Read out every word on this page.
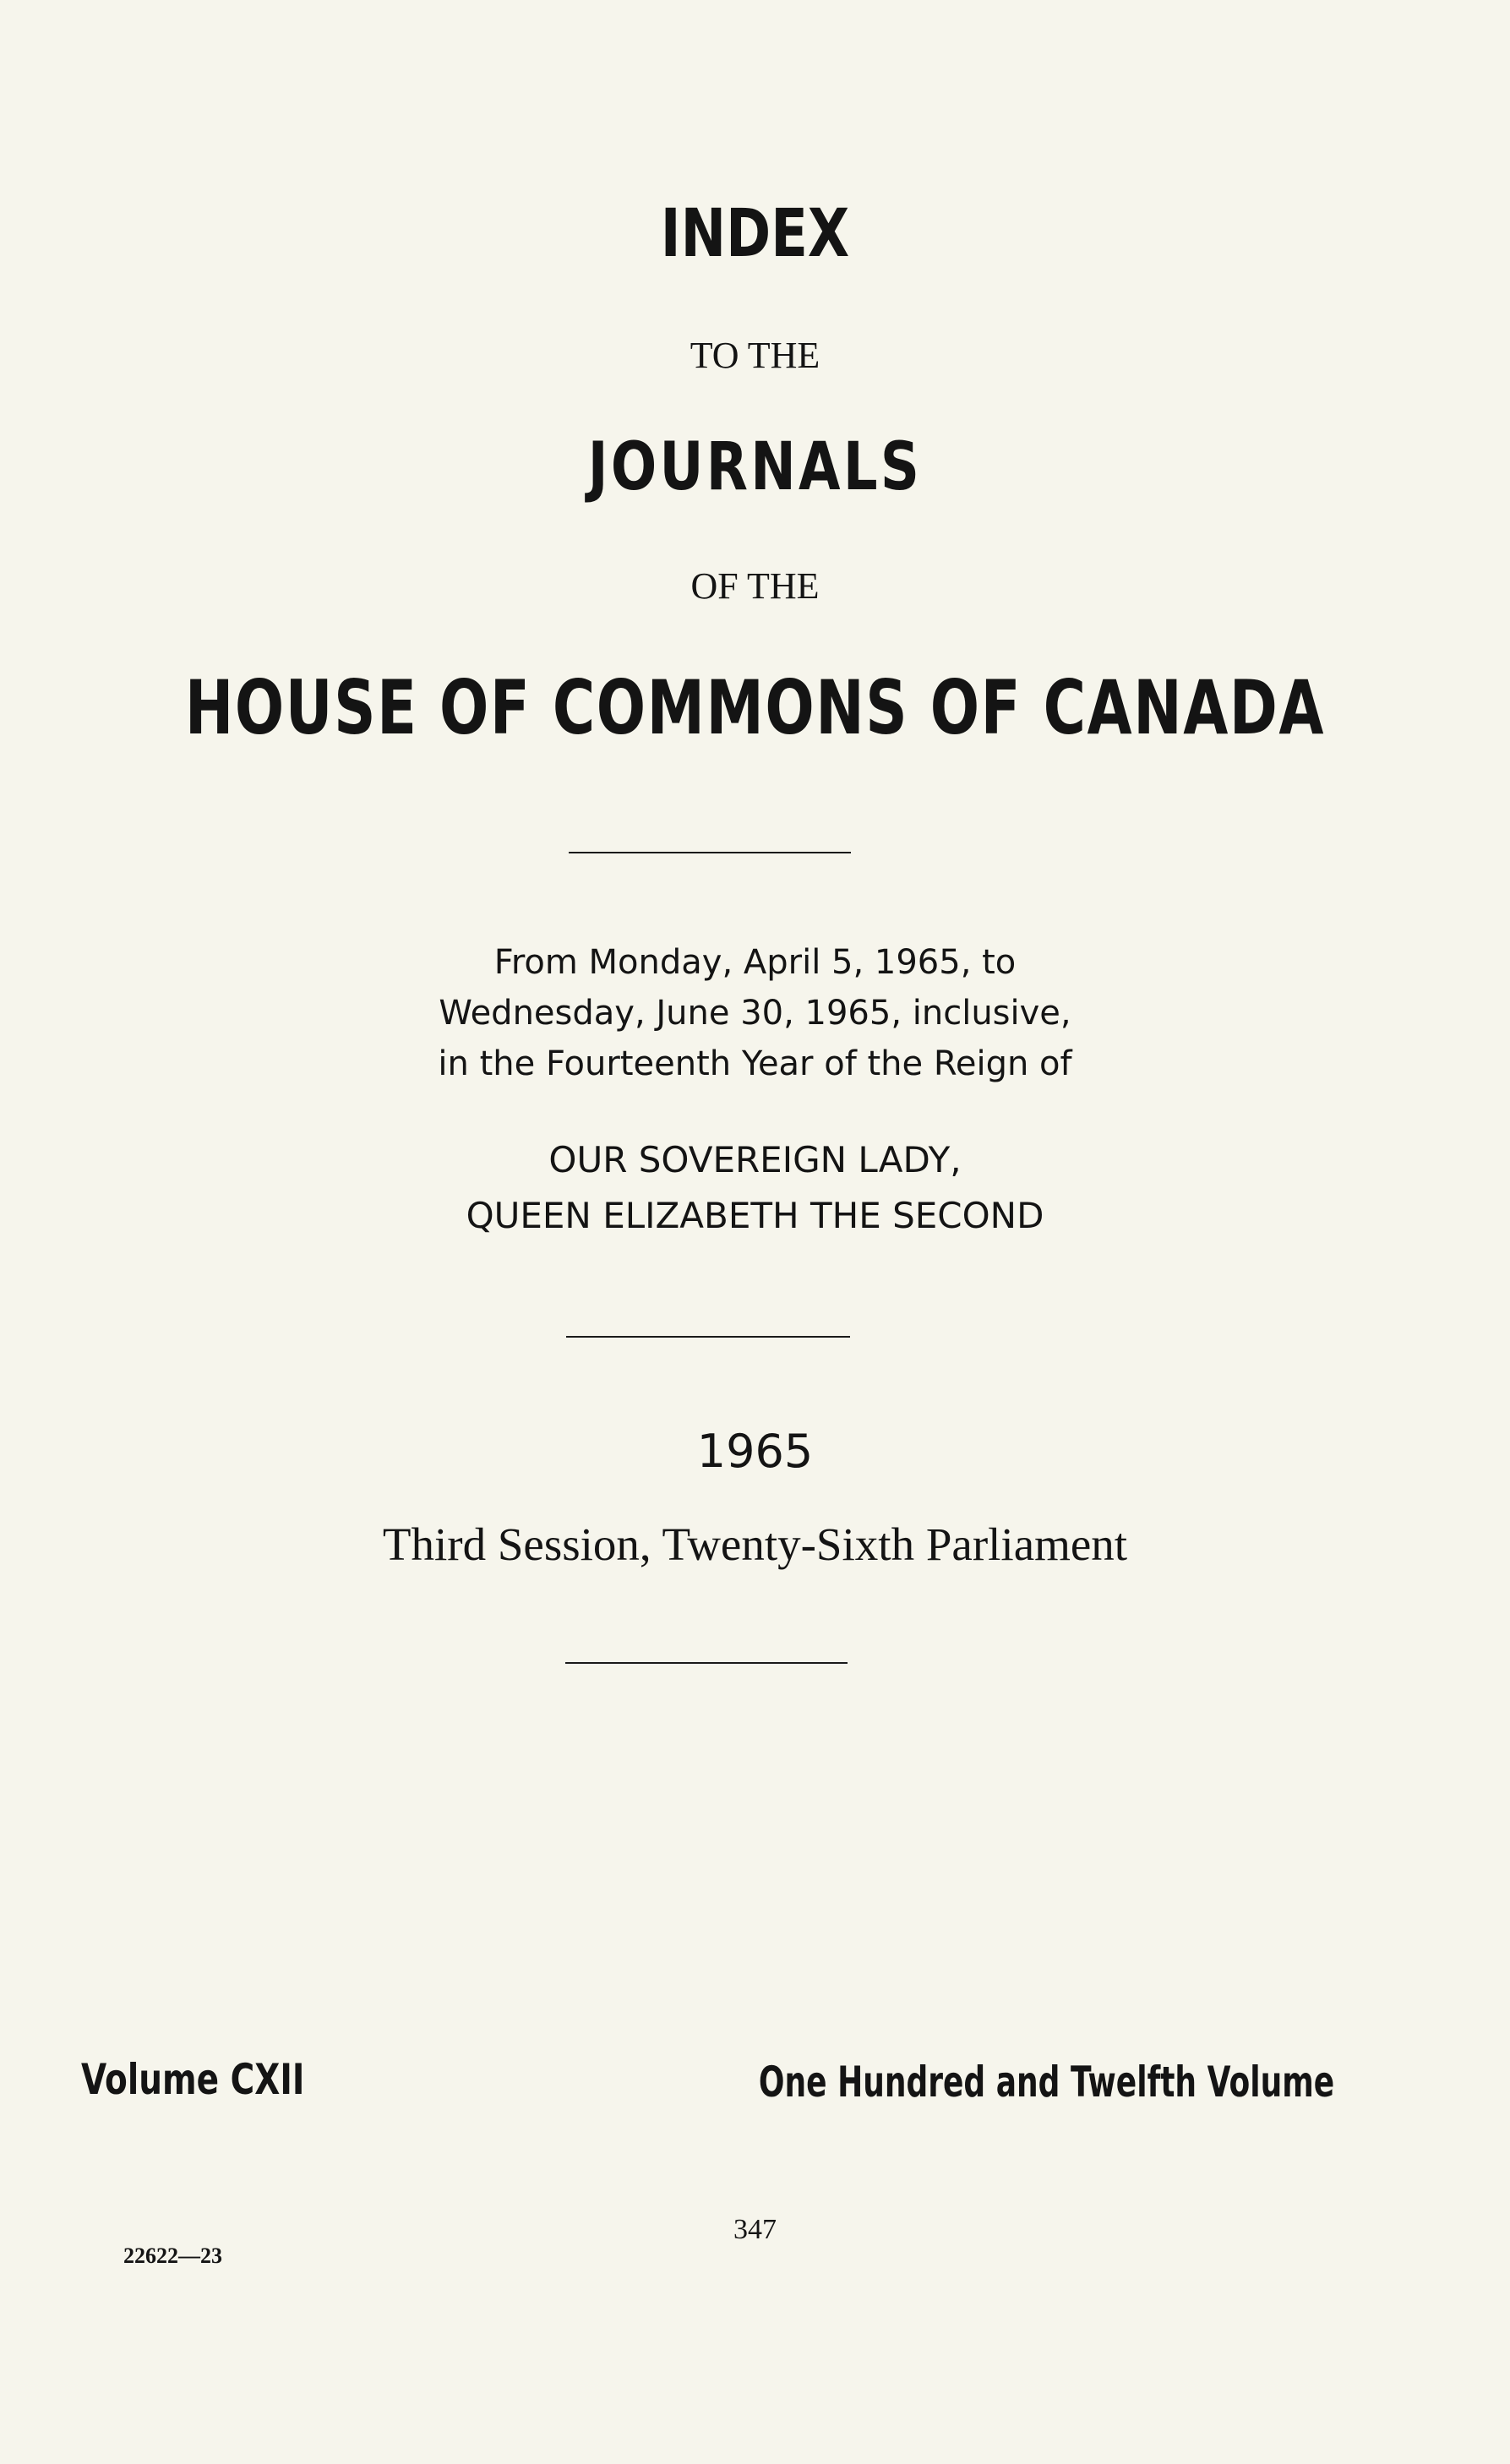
INDEX
TO THE
JOURNALS
OF THE
HOUSE OF COMMONS OF CANADA
From Monday, April 5, 1965, to
Wednesday, June 30, 1965, inclusive,
in the Fourteenth Year of the Reign of
OUR SOVEREIGN LADY,
QUEEN ELIZABETH THE SECOND
1965
Third Session, Twenty-Sixth Parliament
Volume CXII	One Hundred and Twelfth Volume
347
22622—23
